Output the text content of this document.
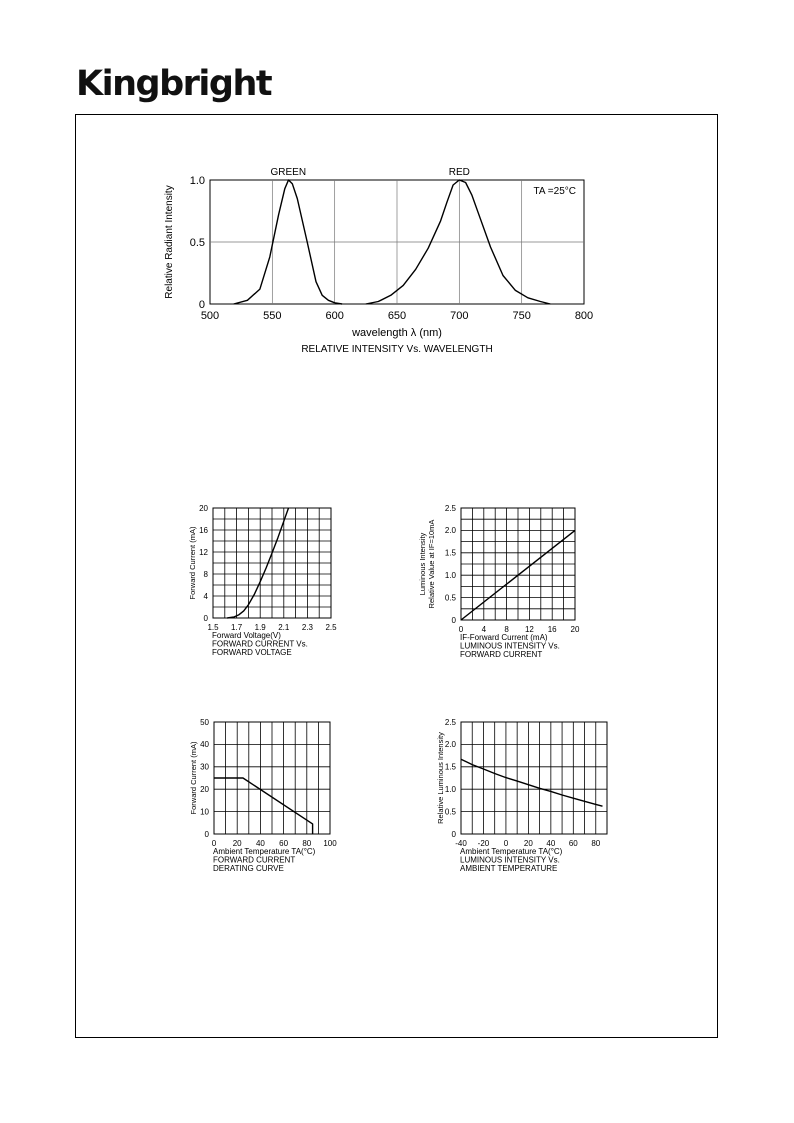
Kingbright
500	550	600	650	700	750	800
0
0.5
1.0
GREEN	RED
TA =25°C
wavelength λ (nm)
RELATIVE INTENSITY Vs. WAVELENGTH
Relative Radiant Intensity
1.5 1.7 1.9 2.1 2.3 2.5
0
4
8
12
16
20
Forward Current (mA)
Forward Voltage(V)
FORWARD CURRENT Vs.
FORWARD VOLTAGE
0 4 8 12 16 20
0
0.5
1.0
1.5
2.0
2.5
Luminous Intensity Relative Value at IF=10mA
IF-Forward Current (mA)
LUMINOUS INTENSITY Vs.
FORWARD CURRENT
0 20 40 60 80 100
0
10
20
30
40
50
Forward Current (mA)
Ambient Temperature TA(°C)
FORWARD CURRENT
DERATING CURVE
-40 -20 0 20 40 60 80
0
0.5
1.0
1.5
2.0
2.5
Relative Luminous Intensity
Ambient Temperature TA(°C)
LUMINOUS INTENSITY Vs.
AMBIENT TEMPERATURE
